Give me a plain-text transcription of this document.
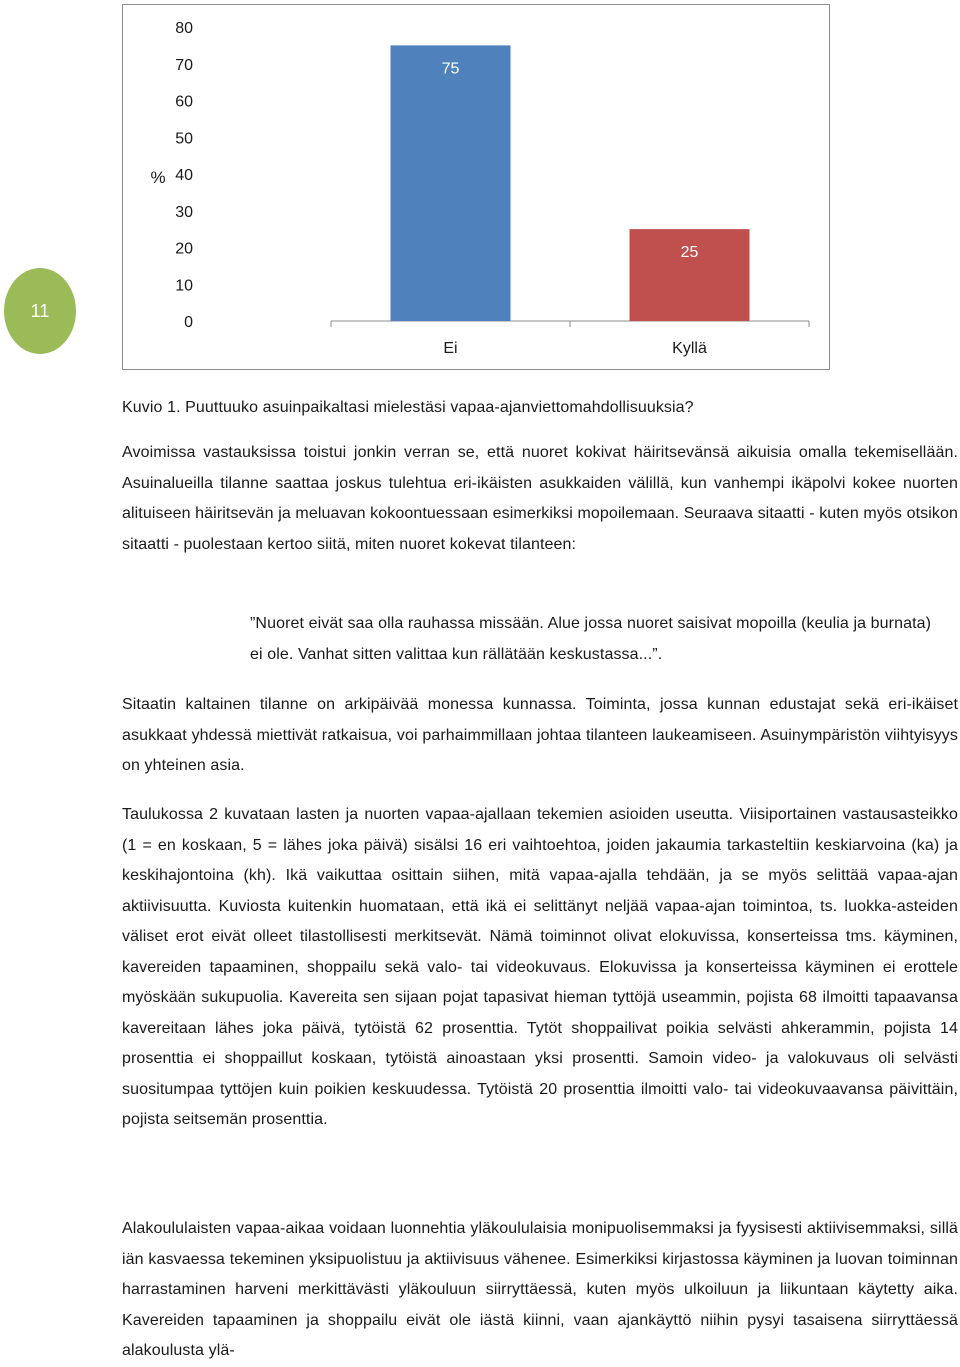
11
0
10
20
30
40
50
60
70
80
%
75
Ei
25
Kyllä

Kuvio 1. Puuttuuko asuinpaikaltasi mielestäsi vapaa-ajanviettomahdollisuuksia?

Avoimissa vastauksissa toistui jonkin verran se, että nuoret kokivat häiritsevänsä aikuisia omalla tekemisellään. Asuinalueilla tilanne saattaa joskus tulehtua eri-ikäisten asukkaiden välillä, kun vanhempi ikäpolvi kokee nuorten alituiseen häiritsevän ja meluavan kokoontuessaan esimerkiksi mopoilemaan. Seuraava sitaatti - kuten myös otsikon sitaatti - puolestaan kertoo siitä, miten nuoret kokevat tilanteen:

”Nuoret eivät saa olla rauhassa missään. Alue jossa nuoret saisivat mopoilla (keulia ja burnata) ei ole. Vanhat sitten valittaa kun rällätään keskustassa...”.

Sitaatin kaltainen tilanne on arkipäivää monessa kunnassa. Toiminta, jossa kunnan edustajat sekä eri-ikäiset asukkaat yhdessä miettivät ratkaisua, voi parhaimmillaan johtaa tilanteen laukeamiseen. Asuinympäristön viihtyisyys on yhteinen asia.

Taulukossa 2 kuvataan lasten ja nuorten vapaa-ajallaan tekemien asioiden useutta. Viisiportainen vastausasteikko (1 = en koskaan, 5 = lähes joka päivä) sisälsi 16 eri vaihtoehtoa, joiden jakaumia tarkasteltiin keskiarvoina (ka) ja keskihajontoina (kh). Ikä vaikuttaa osittain siihen, mitä vapaa-ajalla tehdään, ja se myös selittää vapaa-ajan aktiivisuutta. Kuviosta kuitenkin huomataan, että ikä ei selittänyt neljää vapaa-ajan toimintoa, ts. luokka-asteiden väliset erot eivät olleet tilastollisesti merkitsevät. Nämä toiminnot olivat elokuvissa, konserteissa tms. käyminen, kavereiden tapaaminen, shoppailu sekä valo- tai videokuvaus. Elokuvissa ja konserteissa käyminen ei erottele myöskään sukupuolia. Kavereita sen sijaan pojat tapasivat hieman tyttöjä useammin, pojista 68 ilmoitti tapaavansa kavereitaan lähes joka päivä, tytöistä 62 prosenttia. Tytöt shoppailivat poikia selvästi ahkerammin, pojista 14 prosenttia ei shoppaillut koskaan, tytöistä ainoastaan yksi prosentti. Samoin video- ja valokuvaus oli selvästi suositumpaa tyttöjen kuin poikien keskuudessa. Tytöistä 20 prosenttia ilmoitti valo- tai videokuvaavansa päivittäin, pojista seitsemän prosenttia.

Alakoululaisten vapaa-aikaa voidaan luonnehtia yläkoululaisia monipuolisemmaksi ja fyysisesti aktiivisemmaksi, sillä iän kasvaessa tekeminen yksipuolistuu ja aktiivisuus vähenee. Esimerkiksi kirjastossa käyminen ja luovan toiminnan harrastaminen harveni merkittävästi yläkouluun siirryttäessä, kuten myös ulkoiluun ja liikuntaan käytetty aika. Kavereiden tapaaminen ja shoppailu eivät ole iästä kiinni, vaan ajankäyttö niihin pysyi tasaisena siirryttäessä alakoulusta ylä-
